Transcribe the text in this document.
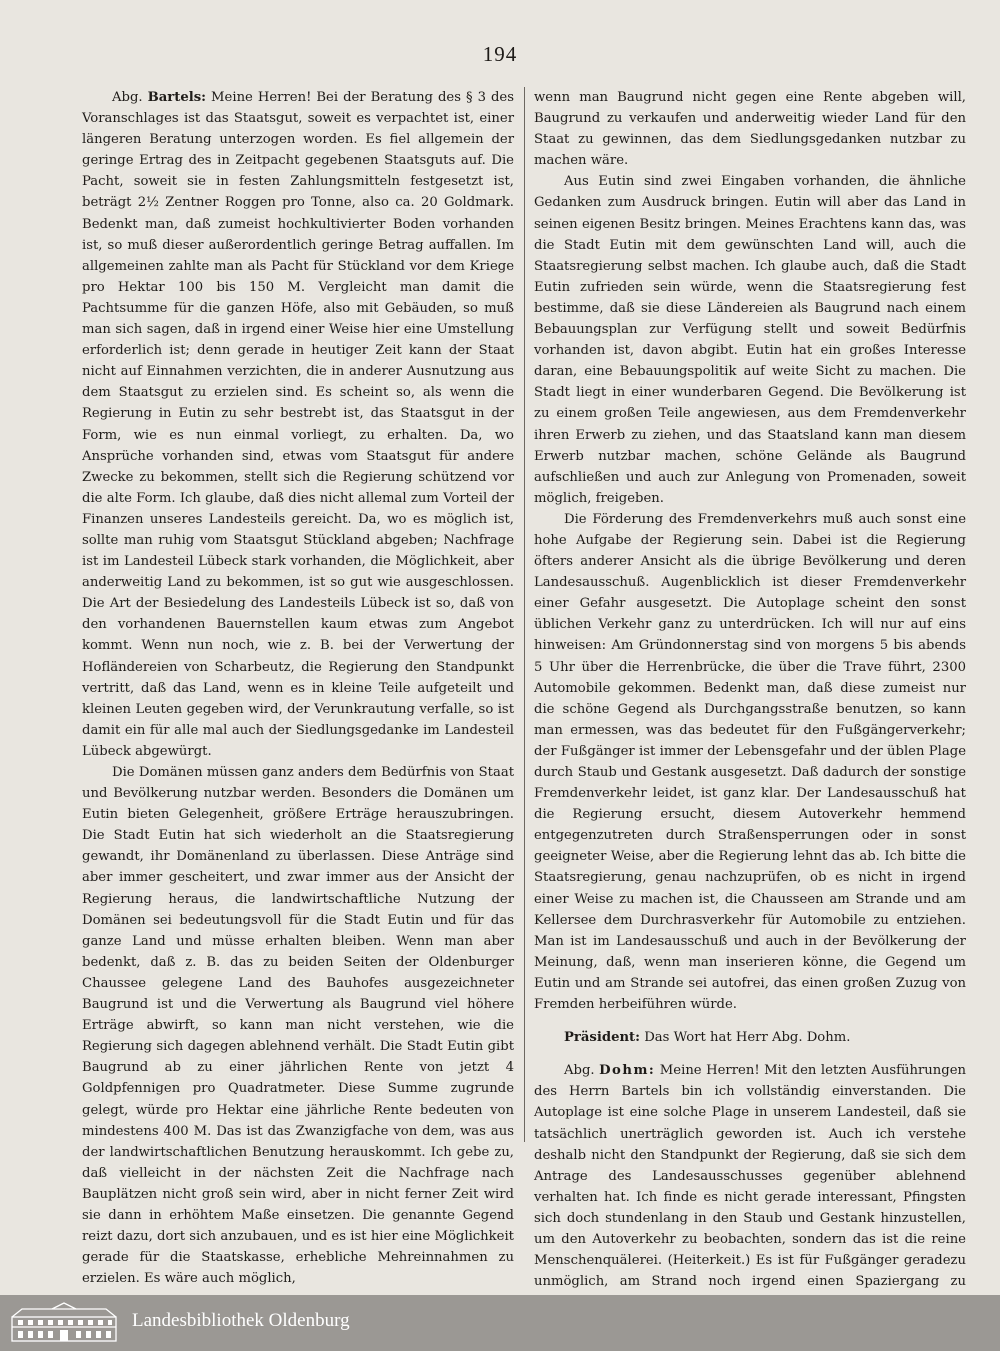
194

Abg. Bartels: Meine Herren! Bei der Beratung des § 3 des Voranschlages ist das Staatsgut, soweit es verpachtet ist, einer längeren Beratung unterzogen worden. Es fiel allgemein der geringe Ertrag des in Zeitpacht gegebenen Staatsguts auf. Die Pacht, soweit sie in festen Zahlungsmitteln festgesetzt ist, beträgt 2½ Zentner Roggen pro Tonne, also ca. 20 Goldmark. Bedenkt man, daß zumeist hochkultivierter Boden vorhanden ist, so muß dieser außerordentlich geringe Betrag auffallen. Im allgemeinen zahlte man als Pacht für Stückland vor dem Kriege pro Hektar 100 bis 150 M. Vergleicht man damit die Pachtsumme für die ganzen Höfe, also mit Gebäuden, so muß man sich sagen, daß in irgend einer Weise hier eine Umstellung erforderlich ist; denn gerade in heutiger Zeit kann der Staat nicht auf Einnahmen verzichten, die in anderer Ausnutzung aus dem Staatsgut zu erzielen sind. Es scheint so, als wenn die Regierung in Eutin zu sehr bestrebt ist, das Staatsgut in der Form, wie es nun einmal vorliegt, zu erhalten. Da, wo Ansprüche vorhanden sind, etwas vom Staatsgut für andere Zwecke zu bekommen, stellt sich die Regierung schützend vor die alte Form. Ich glaube, daß dies nicht allemal zum Vorteil der Finanzen unseres Landesteils gereicht. Da, wo es möglich ist, sollte man ruhig vom Staatsgut Stückland abgeben; Nachfrage ist im Landesteil Lübeck stark vorhanden, die Möglichkeit, aber anderweitig Land zu bekommen, ist so gut wie ausgeschlossen. Die Art der Besiedelung des Landesteils Lübeck ist so, daß von den vorhandenen Bauernstellen kaum etwas zum Angebot kommt. Wenn nun noch, wie z. B. bei der Verwertung der Hofländereien von Scharbeutz, die Regierung den Standpunkt vertritt, daß das Land, wenn es in kleine Teile aufgeteilt und kleinen Leuten gegeben wird, der Verunkrautung verfalle, so ist damit ein für alle mal auch der Siedlungsgedanke im Landesteil Lübeck abgewürgt.

Die Domänen müssen ganz anders dem Bedürfnis von Staat und Bevölkerung nutzbar werden. Besonders die Domänen um Eutin bieten Gelegenheit, größere Erträge herauszubringen. Die Stadt Eutin hat sich wiederholt an die Staatsregierung gewandt, ihr Domänenland zu überlassen. Diese Anträge sind aber immer gescheitert, und zwar immer aus der Ansicht der Regierung heraus, die landwirtschaftliche Nutzung der Domänen sei bedeutungsvoll für die Stadt Eutin und für das ganze Land und müsse erhalten bleiben. Wenn man aber bedenkt, daß z. B. das zu beiden Seiten der Oldenburger Chaussee gelegene Land des Bauhofes ausgezeichneter Baugrund ist und die Verwertung als Baugrund viel höhere Erträge abwirft, so kann man nicht verstehen, wie die Regierung sich dagegen ablehnend verhält. Die Stadt Eutin gibt Baugrund ab zu einer jährlichen Rente von jetzt 4 Goldpfennigen pro Quadratmeter. Diese Summe zugrunde gelegt, würde pro Hektar eine jährliche Rente bedeuten von mindestens 400 M. Das ist das Zwanzigfache von dem, was aus der landwirtschaftlichen Benutzung herauskommt. Ich gebe zu, daß vielleicht in der nächsten Zeit die Nachfrage nach Bauplätzen nicht groß sein wird, aber in nicht ferner Zeit wird sie dann in erhöhtem Maße einsetzen. Die genannte Gegend reizt dazu, dort sich anzubauen, und es ist hier eine Möglichkeit gerade für die Staatskasse, erhebliche Mehreinnahmen zu erzielen. Es wäre auch möglich,

wenn man Baugrund nicht gegen eine Rente abgeben will, Baugrund zu verkaufen und anderweitig wieder Land für den Staat zu gewinnen, das dem Siedlungsgedanken nutzbar zu machen wäre.

Aus Eutin sind zwei Eingaben vorhanden, die ähnliche Gedanken zum Ausdruck bringen. Eutin will aber das Land in seinen eigenen Besitz bringen. Meines Erachtens kann das, was die Stadt Eutin mit dem gewünschten Land will, auch die Staatsregierung selbst machen. Ich glaube auch, daß die Stadt Eutin zufrieden sein würde, wenn die Staatsregierung fest bestimme, daß sie diese Ländereien als Baugrund nach einem Bebauungsplan zur Verfügung stellt und soweit Bedürfnis vorhanden ist, davon abgibt. Eutin hat ein großes Interesse daran, eine Bebauungspolitik auf weite Sicht zu machen. Die Stadt liegt in einer wunderbaren Gegend. Die Bevölkerung ist zu einem großen Teile angewiesen, aus dem Fremdenverkehr ihren Erwerb zu ziehen, und das Staatsland kann man diesem Erwerb nutzbar machen, schöne Gelände als Baugrund aufschließen und auch zur Anlegung von Promenaden, soweit möglich, freigeben.

Die Förderung des Fremdenverkehrs muß auch sonst eine hohe Aufgabe der Regierung sein. Dabei ist die Regierung öfters anderer Ansicht als die übrige Bevölkerung und deren Landesausschuß. Augenblicklich ist dieser Fremdenverkehr einer Gefahr ausgesetzt. Die Autoplage scheint den sonst üblichen Verkehr ganz zu unterdrücken. Ich will nur auf eins hinweisen: Am Gründonnerstag sind von morgens 5 bis abends 5 Uhr über die Herrenbrücke, die über die Trave führt, 2300 Automobile gekommen. Bedenkt man, daß diese zumeist nur die schöne Gegend als Durchgangsstraße benutzen, so kann man ermessen, was das bedeutet für den Fußgängerverkehr; der Fußgänger ist immer der Lebensgefahr und der üblen Plage durch Staub und Gestank ausgesetzt. Daß dadurch der sonstige Fremdenverkehr leidet, ist ganz klar. Der Landesausschuß hat die Regierung ersucht, diesem Autoverkehr hemmend entgegenzutreten durch Straßensperrungen oder in sonst geeigneter Weise, aber die Regierung lehnt das ab. Ich bitte die Staatsregierung, genau nachzuprüfen, ob es nicht in irgend einer Weise zu machen ist, die Chausseen am Strande und am Kellersee dem Durchrasverkehr für Automobile zu entziehen. Man ist im Landesausschuß und auch in der Bevölkerung der Meinung, daß, wenn man inserieren könne, die Gegend um Eutin und am Strande sei autofrei, das einen großen Zuzug von Fremden herbeiführen würde.

Präsident: Das Wort hat Herr Abg. Dohm.

Abg. Dohm: Meine Herren! Mit den letzten Ausführungen des Herrn Bartels bin ich vollständig einverstanden. Die Autoplage ist eine solche Plage in unserem Landesteil, daß sie tatsächlich unerträglich geworden ist. Auch ich verstehe deshalb nicht den Standpunkt der Regierung, daß sie sich dem Antrage des Landesausschusses gegenüber ablehnend verhalten hat. Ich finde es nicht gerade interessant, Pfingsten sich doch stundenlang in den Staub und Gestank hinzustellen, um den Autoverkehr zu beobachten, sondern das ist die reine Menschenquälerei. (Heiterkeit.) Es ist für Fußgänger geradezu unmöglich, am Strand noch irgend einen Spaziergang zu

Landesbibliothek Oldenburg
